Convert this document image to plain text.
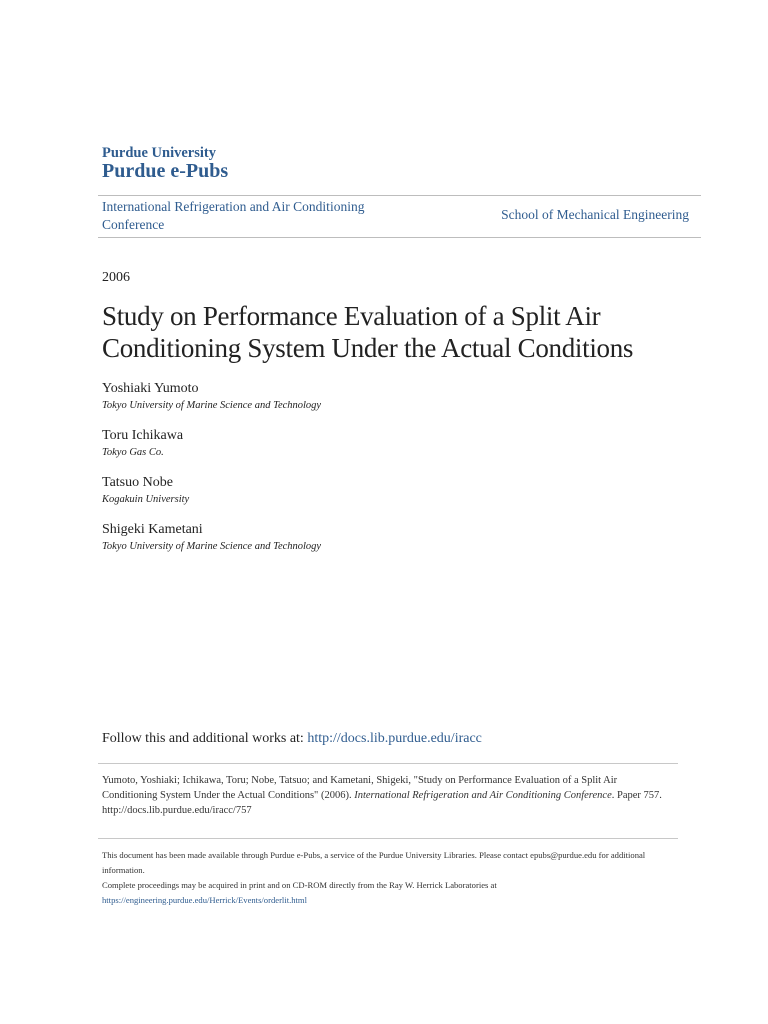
Purdue University
Purdue e-Pubs
International Refrigeration and Air Conditioning Conference
School of Mechanical Engineering
2006
Study on Performance Evaluation of a Split Air Conditioning System Under the Actual Conditions
Yoshiaki Yumoto
Tokyo University of Marine Science and Technology
Toru Ichikawa
Tokyo Gas Co.
Tatsuo Nobe
Kogakuin University
Shigeki Kametani
Tokyo University of Marine Science and Technology
Follow this and additional works at: http://docs.lib.purdue.edu/iracc
Yumoto, Yoshiaki; Ichikawa, Toru; Nobe, Tatsuo; and Kametani, Shigeki, "Study on Performance Evaluation of a Split Air Conditioning System Under the Actual Conditions" (2006). International Refrigeration and Air Conditioning Conference. Paper 757.
http://docs.lib.purdue.edu/iracc/757

This document has been made available through Purdue e-Pubs, a service of the Purdue University Libraries. Please contact epubs@purdue.edu for additional information.

Complete proceedings may be acquired in print and on CD-ROM directly from the Ray W. Herrick Laboratories at https://engineering.purdue.edu/Herrick/Events/orderlit.html
